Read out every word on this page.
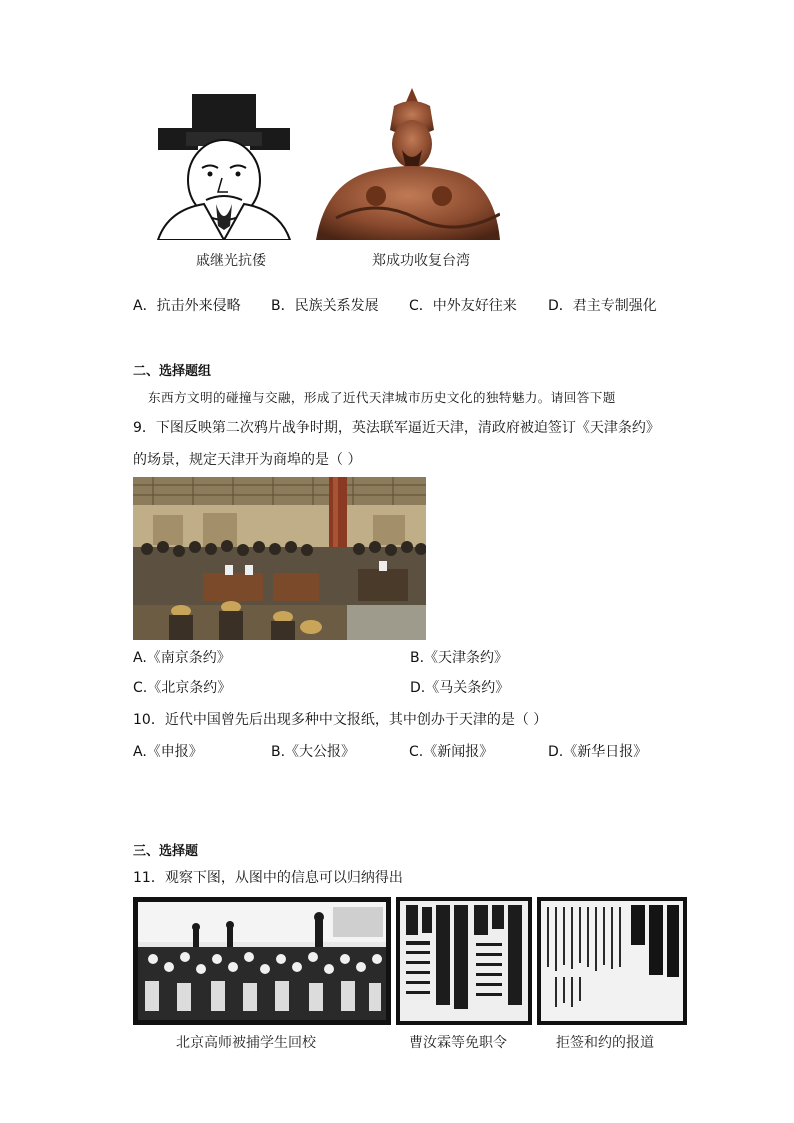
戚继光抗倭	郑成功收复台湾
A．抗击外来侵略 B．民族关系发展 C．中外友好往来 D．君主专制强化
二、选择题组
东西方文明的碰撞与交融，形成了近代天津城市历史文化的独特魅力。请回答下题
9．下图反映第二次鸦片战争时期，英法联军逼近天津，清政府被迫签订《天津条约》
的场景，规定天津开为商埠的是（ ）
A.《南京条约》	B.《天津条约》
C.《北京条约》	D.《马关条约》
10．近代中国曾先后出现多种中文报纸，其中创办于天津的是（ ）
A.《申报》	B.《大公报》	C.《新闻报》	D.《新华日报》
三、选择题
11．观察下图，从图中的信息可以归纳得出
北京高师被捕学生回校	曹汝霖等免职令	拒签和约的报道
